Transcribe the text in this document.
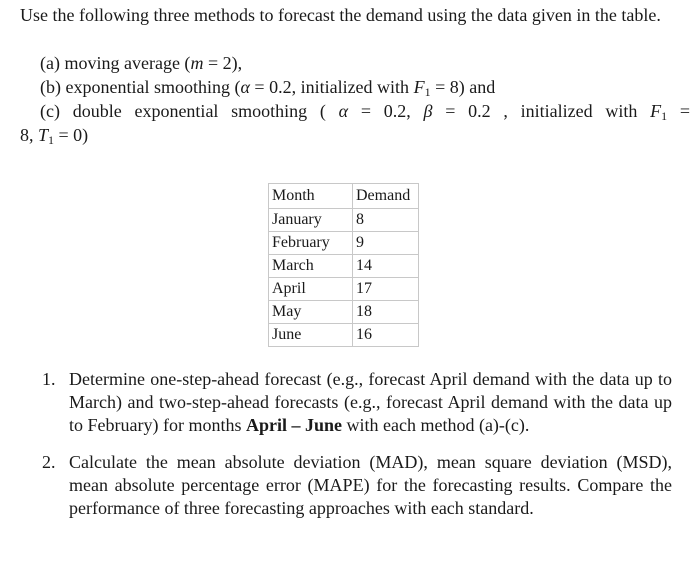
Use the following three methods to forecast the demand using the data given in the table.

(a) moving average (m = 2),

(b) exponential smoothing (α = 0.2, initialized with $F_1 = 8$) and

(c) double exponential smoothing ( α = 0.2, β = 0.2 , initialized with $F_1$ =

8, $T_1 = 0$)

Month	Demand
January	8
February	9
March	14
April	17
May	18
June	16
1. Determine one-step-ahead forecast (e.g., forecast April demand with the data up to March) and two-step-ahead forecasts (e.g., forecast April demand with the data up to February) for months April – June with each method (a)-(c).
2. Calculate the mean absolute deviation (MAD), mean square deviation (MSD), mean absolute percentage error (MAPE) for the forecasting results. Compare the performance of three forecasting approaches with each standard.
